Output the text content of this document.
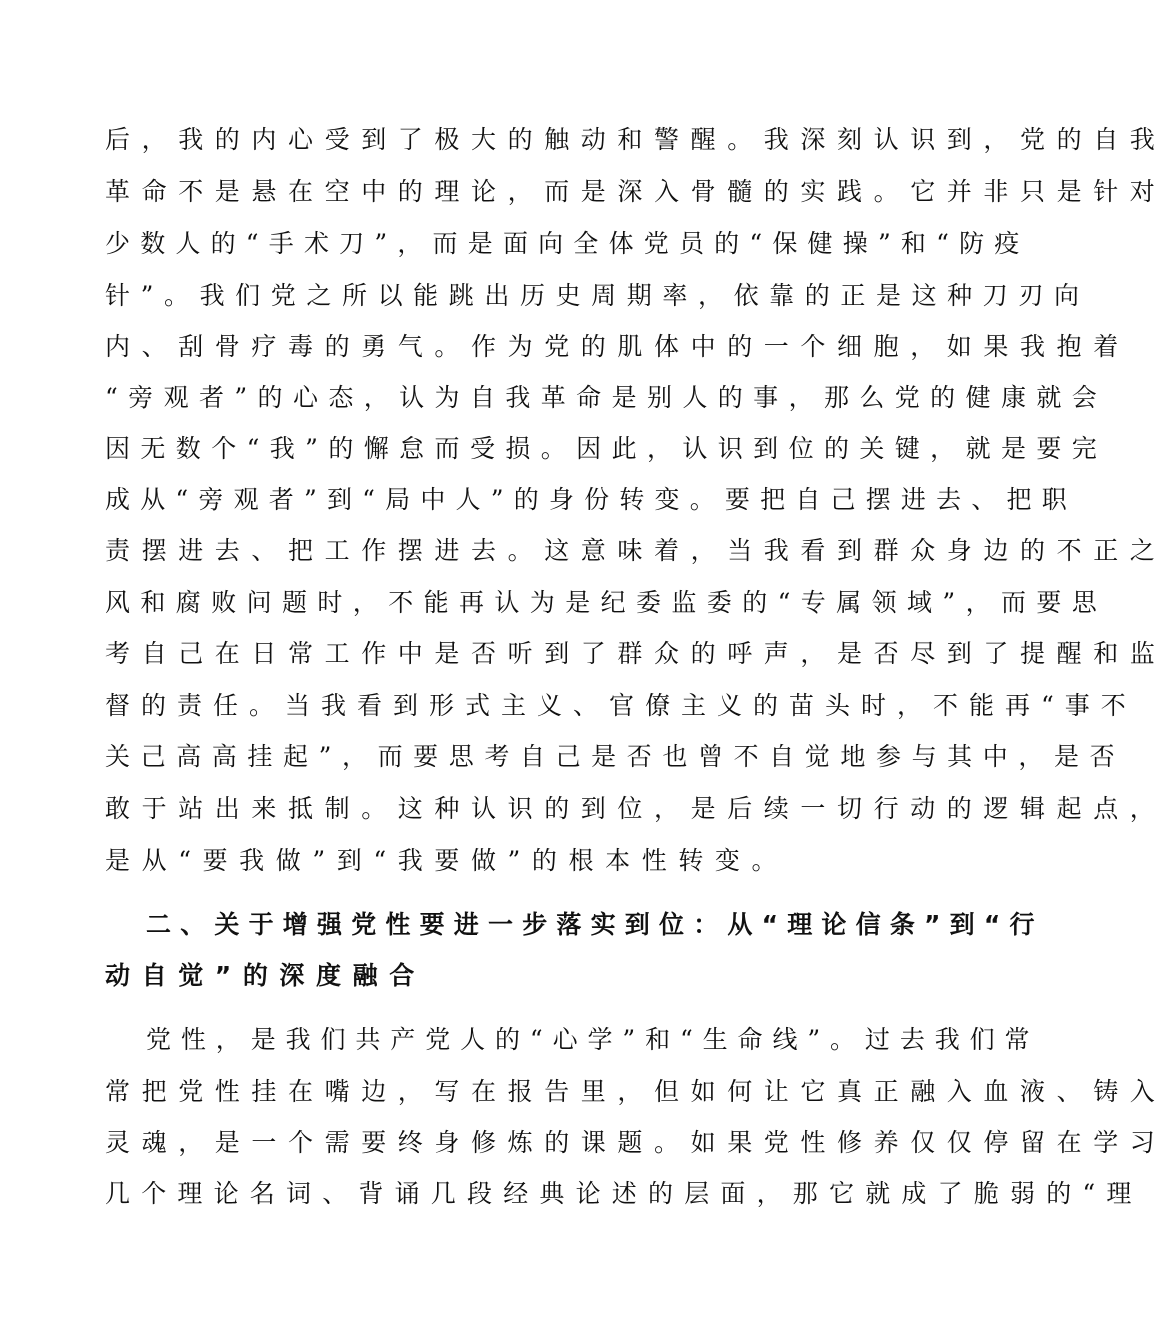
后，我的内心受到了极大的触动和警醒。我深刻认识到，党的自我
革命不是悬在空中的理论，而是深入骨髓的实践。它并非只是针对
少数人的“手术刀”，而是面向全体党员的“保健操”和“防疫
针”。我们党之所以能跳出历史周期率，依靠的正是这种刀刃向
内、刮骨疗毒的勇气。作为党的肌体中的一个细胞，如果我抱着
“旁观者”的心态，认为自我革命是别人的事，那么党的健康就会
因无数个“我”的懈怠而受损。因此，认识到位的关键，就是要完
成从“旁观者”到“局中人”的身份转变。要把自己摆进去、把职
责摆进去、把工作摆进去。这意味着，当我看到群众身边的不正之
风和腐败问题时，不能再认为是纪委监委的“专属领域”，而要思
考自己在日常工作中是否听到了群众的呼声，是否尽到了提醒和监
督的责任。当我看到形式主义、官僚主义的苗头时，不能再“事不
关己高高挂起”，而要思考自己是否也曾不自觉地参与其中，是否
敢于站出来抵制。这种认识的到位，是后续一切行动的逻辑起点，
是从“要我做”到“我要做”的根本性转变。
二、关于增强党性要进一步落实到位：从“理论信条”到“行
动自觉”的深度融合
党性，是我们共产党人的“心学”和“生命线”。过去我们常
常把党性挂在嘴边，写在报告里，但如何让它真正融入血液、铸入
灵魂，是一个需要终身修炼的课题。如果党性修养仅仅停留在学习
几个理论名词、背诵几段经典论述的层面，那它就成了脆弱的“理
